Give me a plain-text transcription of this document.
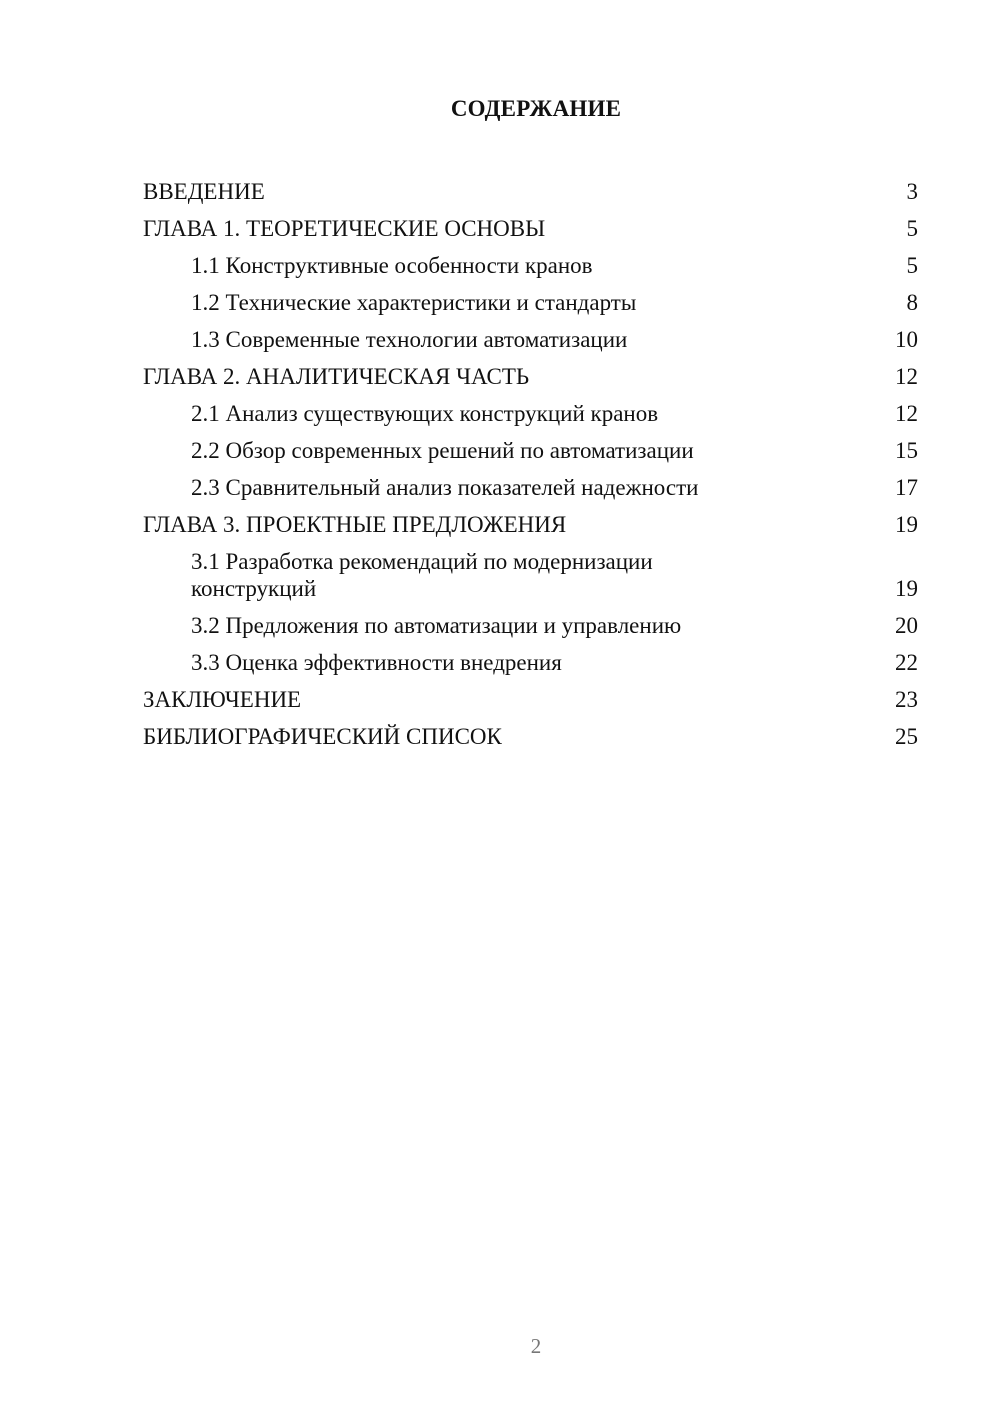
СОДЕРЖАНИЕ
ВВЕДЕНИЕ	3
ГЛАВА 1. ТЕОРЕТИЧЕСКИЕ ОСНОВЫ	5
1.1 Конструктивные особенности кранов	5
1.2 Технические характеристики и стандарты	8
1.3 Современные технологии автоматизации	10
ГЛАВА 2. АНАЛИТИЧЕСКАЯ ЧАСТЬ	12
2.1 Анализ существующих конструкций кранов	12
2.2 Обзор современных решений по автоматизации	15
2.3 Сравнительный анализ показателей надежности	17
ГЛАВА 3. ПРОЕКТНЫЕ ПРЕДЛОЖЕНИЯ	19
3.1 Разработка рекомендаций по модернизации
конструкций	19
3.2 Предложения по автоматизации и управлению	20
3.3 Оценка эффективности внедрения	22
ЗАКЛЮЧЕНИЕ	23
БИБЛИОГРАФИЧЕСКИЙ СПИСОК	25
2
